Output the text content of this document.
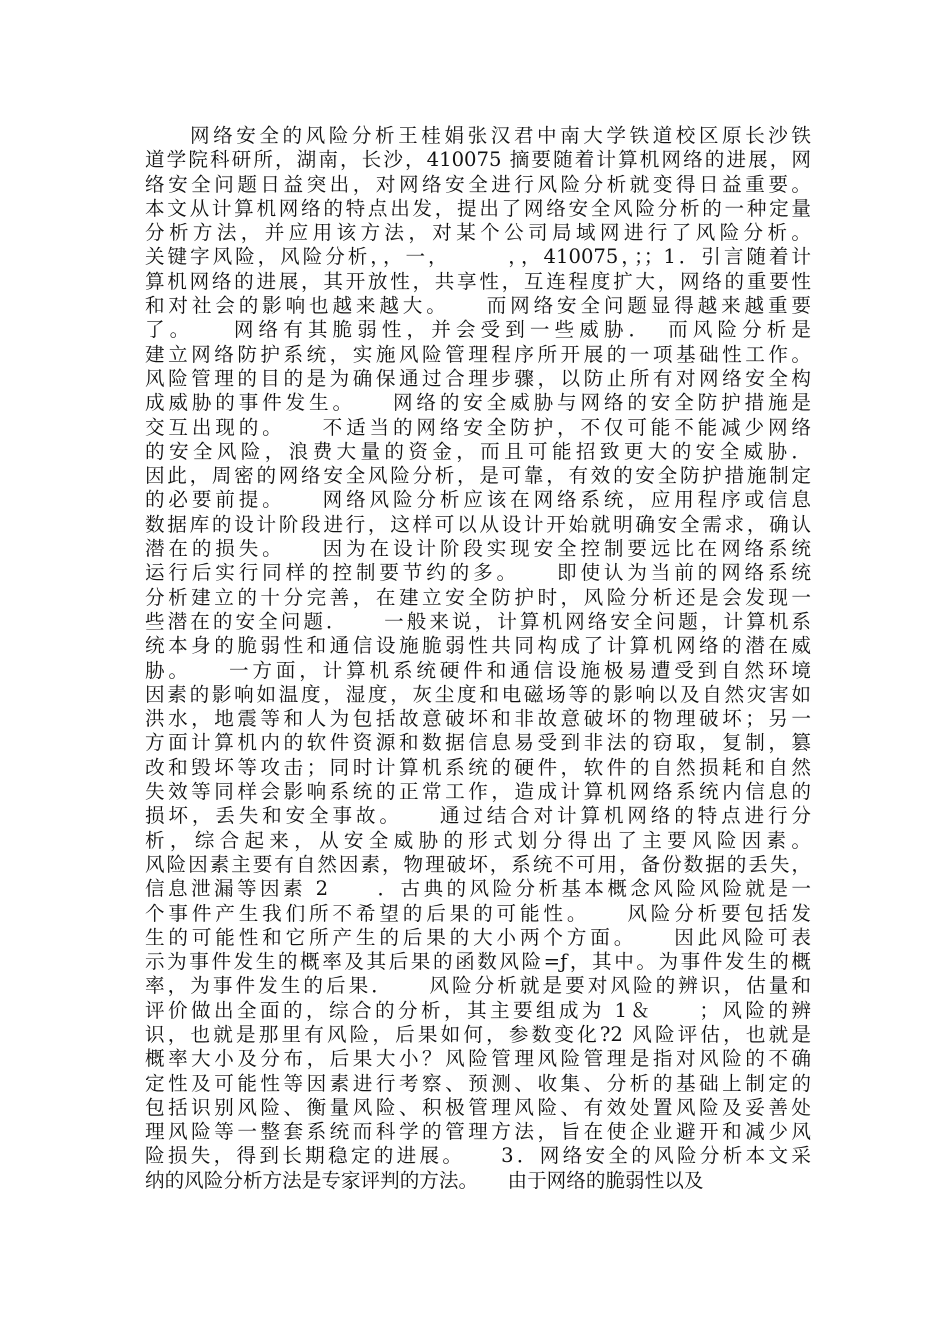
网络安全的风险分析王桂娟张汉君中南大学铁道校区原长沙铁
道学院科研所，湖南，长沙，410075 摘要随着计算机网络的进展，网
络安全问题日益突出，对网络安全进行风险分析就变得日益重要。
本文从计算机网络的特点出发，提出了网络安全风险分析的一种定量
分析方法，并应用该方法，对某个公司局域网进行了风险分析。
关键字风险，风险分析，，一，　　　，，410075，；；1．引言随着计
算机网络的进展，其开放性，共享性，互连程度扩大，网络的重要性
和对社会的影响也越来越大。　　而网络安全问题显得越来越重要
了。　　网络有其脆弱性，并会受到一些威胁．　而风险分析是
建立网络防护系统，实施风险管理程序所开展的一项基础性工作。
风险管理的目的是为确保通过合理步骤，以防止所有对网络安全构
成威胁的事件发生。　　网络的安全威胁与网络的安全防护措施是
交互出现的。　　不适当的网络安全防护，不仅可能不能减少网络
的安全风险，浪费大量的资金，而且可能招致更大的安全威胁．
因此，周密的网络安全风险分析，是可靠，有效的安全防护措施制定
的必要前提。　　网络风险分析应该在网络系统，应用程序或信息
数据库的设计阶段进行，这样可以从设计开始就明确安全需求，确认
潜在的损失。　　因为在设计阶段实现安全控制要远比在网络系统
运行后实行同样的控制要节约的多。　　即使认为当前的网络系统
分析建立的十分完善，在建立安全防护时，风险分析还是会发现一
些潜在的安全问题．　　一般来说，计算机网络安全问题，计算机系
统本身的脆弱性和通信设施脆弱性共同构成了计算机网络的潜在威
胁。　　一方面，计算机系统硬件和通信设施极易遭受到自然环境
因素的影响如温度，湿度，灰尘度和电磁场等的影响以及自然灾害如
洪水，地震等和人为包括故意破坏和非故意破坏的物理破坏；另一
方面计算机内的软件资源和数据信息易受到非法的窃取，复制，篡
改和毁坏等攻击；同时计算机系统的硬件，软件的自然损耗和自然
失效等同样会影响系统的正常工作，造成计算机网络系统内信息的
损坏，丢失和安全事故。　　通过结合对计算机网络的特点进行分
析，综合起来，从安全威胁的形式划分得出了主要风险因素。
风险因素主要有自然因素，物理破坏，系统不可用，备份数据的丢失，
信息泄漏等因素 2　　．古典的风险分析基本概念风险风险就是一
个事件产生我们所不希望的后果的可能性。　　风险分析要包括发
生的可能性和它所产生的后果的大小两个方面。　　因此风险可表
示为事件发生的概率及其后果的函数风险=ƒ，其中。为事件发生的概
率，为事件发生的后果．　　风险分析就是要对风险的辨识，估量和
评价做出全面的，综合的分析，其主要组成为 1＆　　；风险的辨
识，也就是那里有风险，后果如何，参数变化?2 风险评估，也就是
概率大小及分布，后果大小？风险管理风险管理是指对风险的不确
定性及可能性等因素进行考察、预测、收集、分析的基础上制定的
包括识别风险、衡量风险、积极管理风险、有效处置风险及妥善处
理风险等一整套系统而科学的管理方法，旨在使企业避开和减少风
险损失，得到长期稳定的进展。　　3．网络安全的风险分析本文采
纳的风险分析方法是专家评判的方法。　　由于网络的脆弱性以及
